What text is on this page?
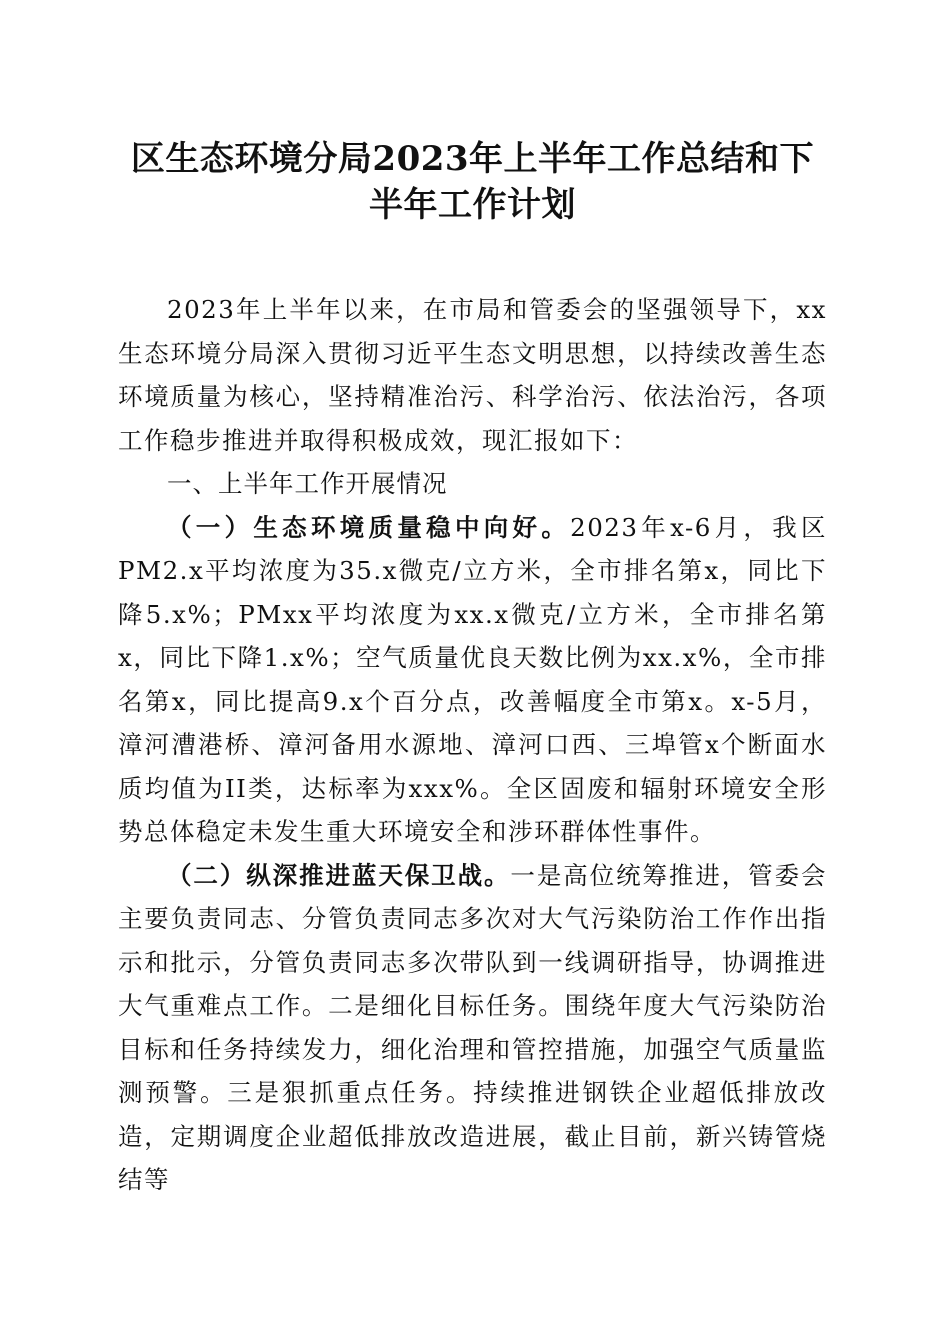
区生态环境分局2023年上半年工作总结和下半年工作计划

2023年上半年以来，在市局和管委会的坚强领导下，xx生态环境分局深入贯彻习近平生态文明思想，以持续改善生态环境质量为核心，坚持精准治污、科学治污、依法治污，各项工作稳步推进并取得积极成效，现汇报如下：

一、上半年工作开展情况

（一）生态环境质量稳中向好。2023年x-6月，我区PM2.x平均浓度为35.x微克/立方米，全市排名第x，同比下降5.x%；PMxx平均浓度为xx.x微克/立方米，全市排名第x，同比下降1.x%；空气质量优良天数比例为xx.x%，全市排名第x，同比提高9.x个百分点，改善幅度全市第x。x-5月，漳河漕港桥、漳河备用水源地、漳河口西、三埠管x个断面水质均值为II类，达标率为xxx%。全区固废和辐射环境安全形势总体稳定未发生重大环境安全和涉环群体性事件。

（二）纵深推进蓝天保卫战。一是高位统筹推进，管委会主要负责同志、分管负责同志多次对大气污染防治工作作出指示和批示，分管负责同志多次带队到一线调研指导，协调推进大气重难点工作。二是细化目标任务。围绕年度大气污染防治目标和任务持续发力，细化治理和管控措施，加强空气质量监测预警。三是狠抓重点任务。持续推进钢铁企业超低排放改造，定期调度企业超低排放改造进展，截止目前，新兴铸管烧结等
